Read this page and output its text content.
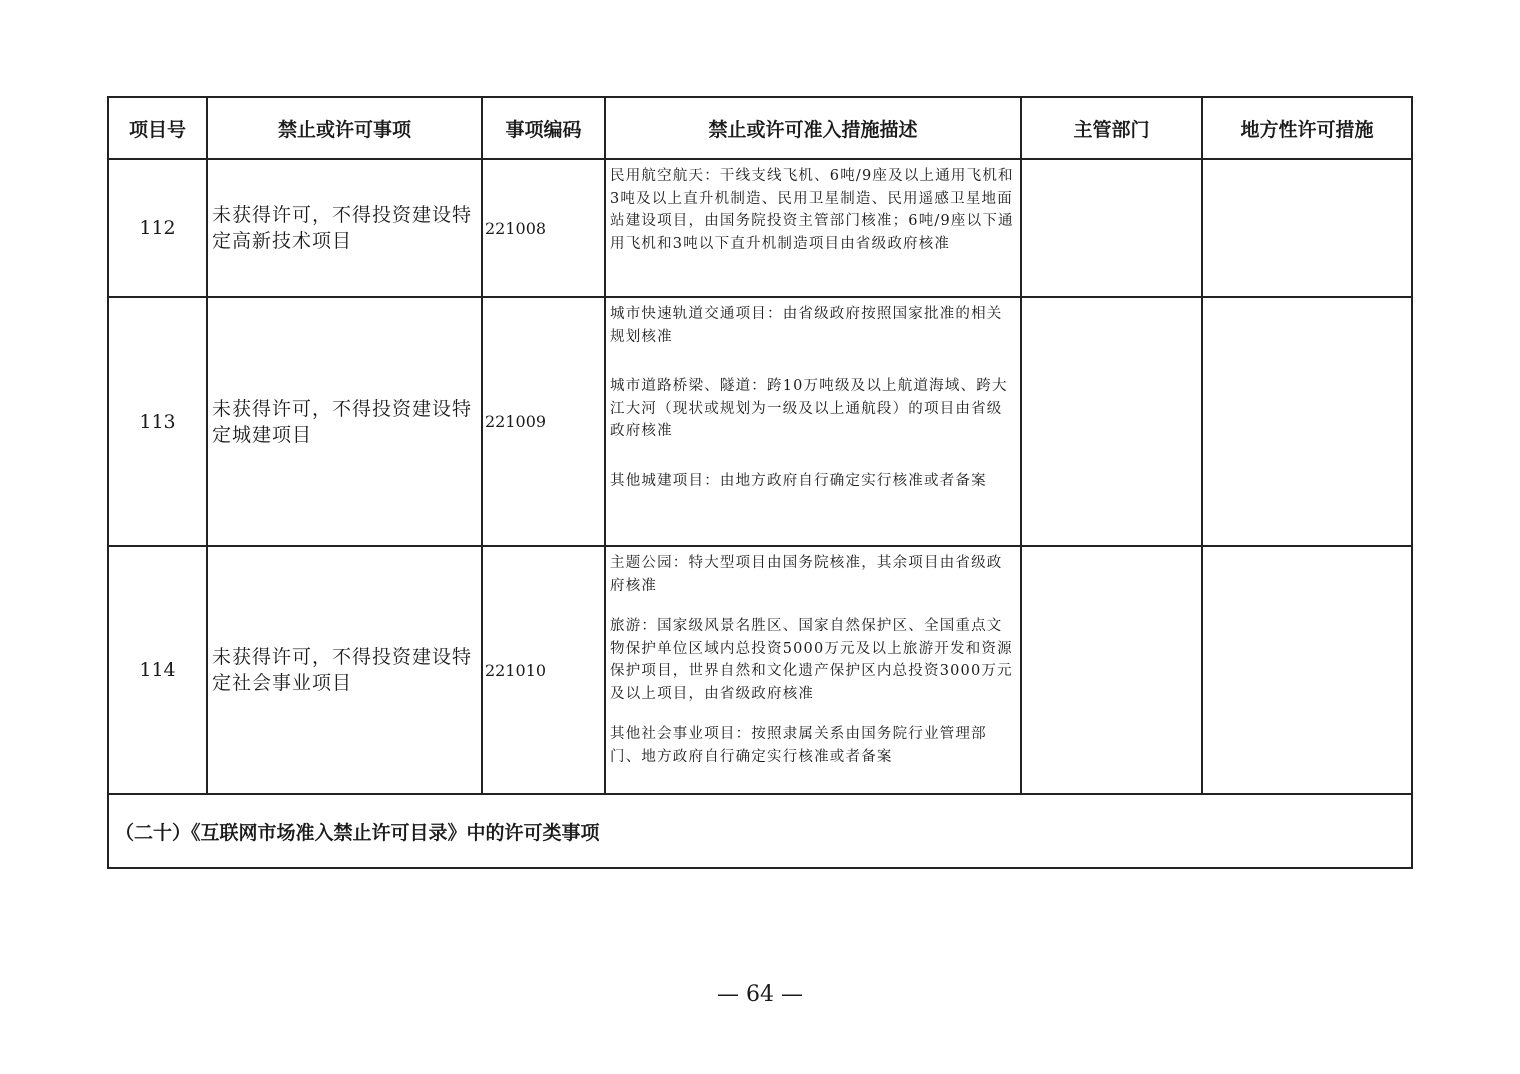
项目号	禁止或许可事项	事项编码	禁止或许可准入措施描述	主管部门	地方性许可措施
112	未获得许可，不得投资建设特定高新技术项目	221008	民用航空航天：干线支线飞机、6吨/9座及以上通用飞机和3吨及以上直升机制造、民用卫星制造、民用遥感卫星地面站建设项目，由国务院投资主管部门核准；6吨/9座以下通用飞机和3吨以下直升机制造项目由省级政府核准		

113	未获得许可，不得投资建设特定城建项目	221009	城市快速轨道交通项目：由省级政府按照国家批准的相关规划核准

城市道路桥梁、隧道：跨10万吨级及以上航道海域、跨大江大河（现状或规划为一级及以上通航段）的项目由省级政府核准

其他城建项目：由地方政府自行确定实行核准或者备案		

114	未获得许可，不得投资建设特定社会事业项目	221010	主题公园：特大型项目由国务院核准，其余项目由省级政府核准

旅游：国家级风景名胜区、国家自然保护区、全国重点文物保护单位区域内总投资5000万元及以上旅游开发和资源保护项目，世界自然和文化遗产保护区内总投资3000万元及以上项目，由省级政府核准

其他社会事业项目：按照隶属关系由国务院行业管理部门、地方政府自行确定实行核准或者备案		

（二十）《互联网市场准入禁止许可目录》中的许可类事项					
— 64 —
